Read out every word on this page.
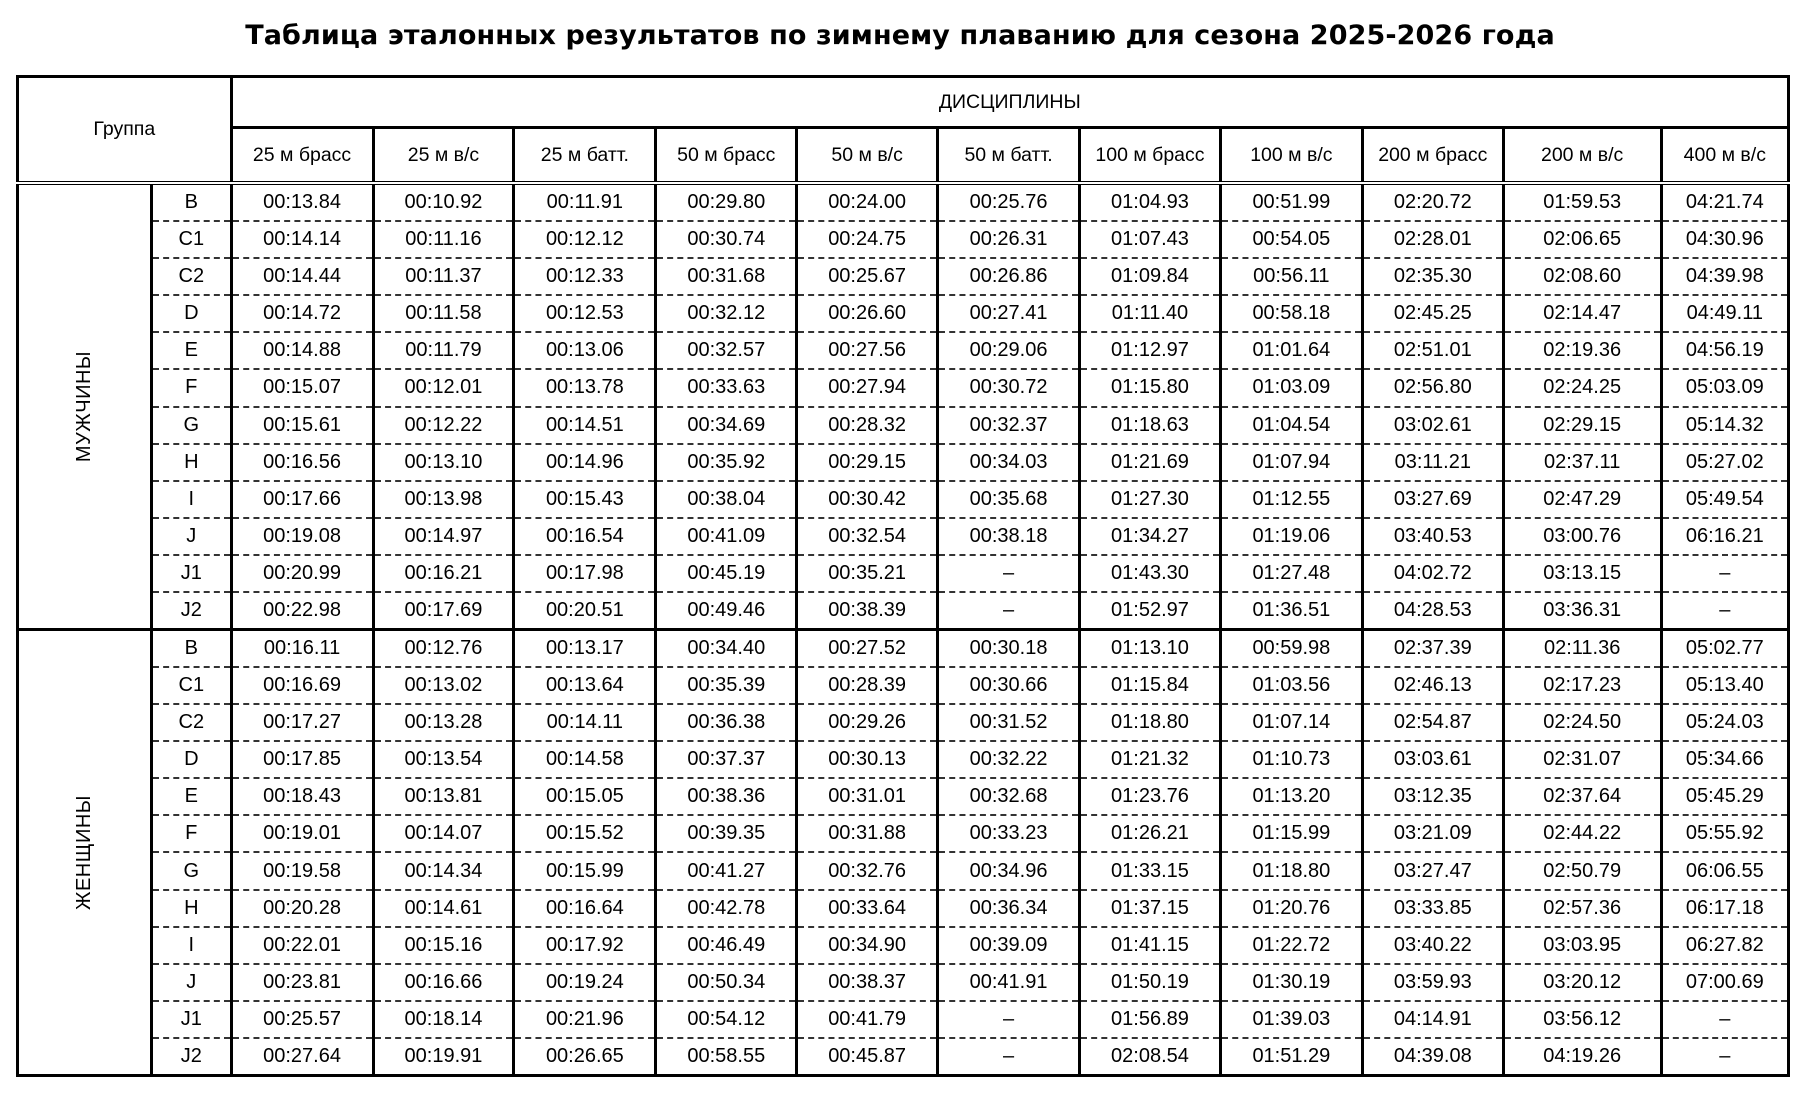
Таблица эталонных результатов по зимнему плаванию для сезона 2025-2026 года
Группа		ДИСЦИПЛИНЫ										
		25 м брасс	25 м в/с	25 м батт.	50 м брасс	50 м в/с	50 м батт.	100 м брасс	100 м в/с	200 м брасс	200 м в/с	400 м в/с
МУЖЧИНЫ	B	00:13.84	00:10.92	00:11.91	00:29.80	00:24.00	00:25.76	01:04.93	00:51.99	02:20.72	01:59.53	04:21.74
	C1	00:14.14	00:11.16	00:12.12	00:30.74	00:24.75	00:26.31	01:07.43	00:54.05	02:28.01	02:06.65	04:30.96
	C2	00:14.44	00:11.37	00:12.33	00:31.68	00:25.67	00:26.86	01:09.84	00:56.11	02:35.30	02:08.60	04:39.98
	D	00:14.72	00:11.58	00:12.53	00:32.12	00:26.60	00:27.41	01:11.40	00:58.18	02:45.25	02:14.47	04:49.11
	E	00:14.88	00:11.79	00:13.06	00:32.57	00:27.56	00:29.06	01:12.97	01:01.64	02:51.01	02:19.36	04:56.19
	F	00:15.07	00:12.01	00:13.78	00:33.63	00:27.94	00:30.72	01:15.80	01:03.09	02:56.80	02:24.25	05:03.09
	G	00:15.61	00:12.22	00:14.51	00:34.69	00:28.32	00:32.37	01:18.63	01:04.54	03:02.61	02:29.15	05:14.32
	H	00:16.56	00:13.10	00:14.96	00:35.92	00:29.15	00:34.03	01:21.69	01:07.94	03:11.21	02:37.11	05:27.02
	I	00:17.66	00:13.98	00:15.43	00:38.04	00:30.42	00:35.68	01:27.30	01:12.55	03:27.69	02:47.29	05:49.54
	J	00:19.08	00:14.97	00:16.54	00:41.09	00:32.54	00:38.18	01:34.27	01:19.06	03:40.53	03:00.76	06:16.21
	J1	00:20.99	00:16.21	00:17.98	00:45.19	00:35.21	–	01:43.30	01:27.48	04:02.72	03:13.15	–
	J2	00:22.98	00:17.69	00:20.51	00:49.46	00:38.39	–	01:52.97	01:36.51	04:28.53	03:36.31	–
ЖЕНЩИНЫ	B	00:16.11	00:12.76	00:13.17	00:34.40	00:27.52	00:30.18	01:13.10	00:59.98	02:37.39	02:11.36	05:02.77
	C1	00:16.69	00:13.02	00:13.64	00:35.39	00:28.39	00:30.66	01:15.84	01:03.56	02:46.13	02:17.23	05:13.40
	C2	00:17.27	00:13.28	00:14.11	00:36.38	00:29.26	00:31.52	01:18.80	01:07.14	02:54.87	02:24.50	05:24.03
	D	00:17.85	00:13.54	00:14.58	00:37.37	00:30.13	00:32.22	01:21.32	01:10.73	03:03.61	02:31.07	05:34.66
	E	00:18.43	00:13.81	00:15.05	00:38.36	00:31.01	00:32.68	01:23.76	01:13.20	03:12.35	02:37.64	05:45.29
	F	00:19.01	00:14.07	00:15.52	00:39.35	00:31.88	00:33.23	01:26.21	01:15.99	03:21.09	02:44.22	05:55.92
	G	00:19.58	00:14.34	00:15.99	00:41.27	00:32.76	00:34.96	01:33.15	01:18.80	03:27.47	02:50.79	06:06.55
	H	00:20.28	00:14.61	00:16.64	00:42.78	00:33.64	00:36.34	01:37.15	01:20.76	03:33.85	02:57.36	06:17.18
	I	00:22.01	00:15.16	00:17.92	00:46.49	00:34.90	00:39.09	01:41.15	01:22.72	03:40.22	03:03.95	06:27.82
	J	00:23.81	00:16.66	00:19.24	00:50.34	00:38.37	00:41.91	01:50.19	01:30.19	03:59.93	03:20.12	07:00.69
	J1	00:25.57	00:18.14	00:21.96	00:54.12	00:41.79	–	01:56.89	01:39.03	04:14.91	03:56.12	–
	J2	00:27.64	00:19.91	00:26.65	00:58.55	00:45.87	–	02:08.54	01:51.29	04:39.08	04:19.26	–
